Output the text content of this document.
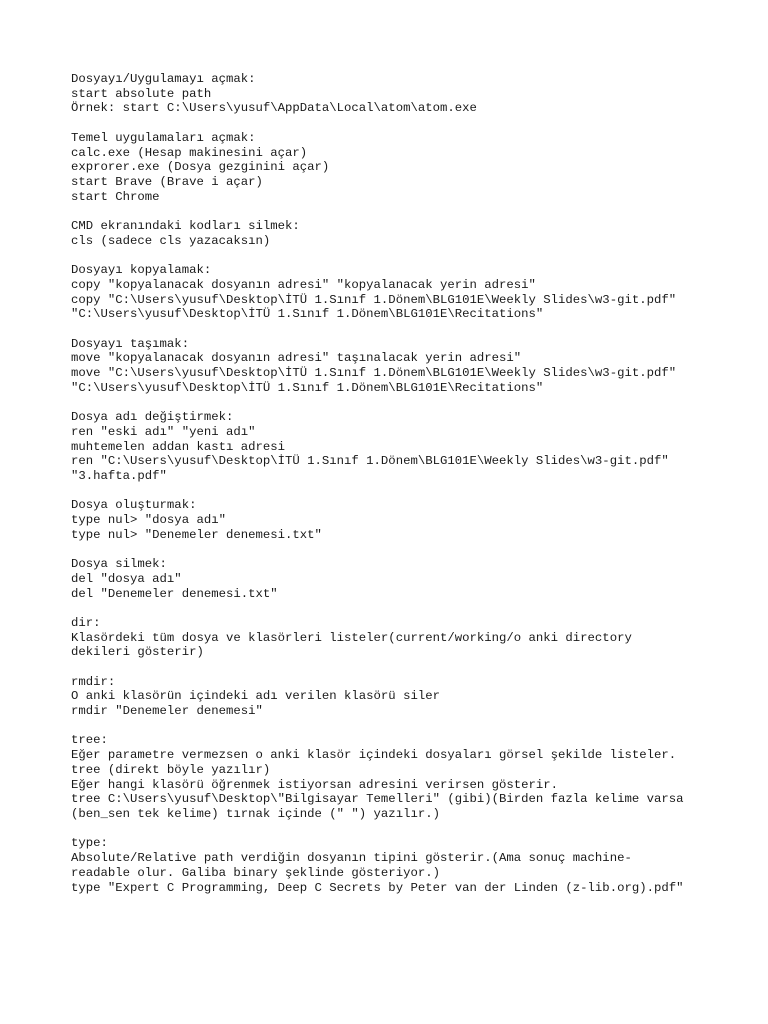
Dosyayı/Uygulamayı açmak:
start absolute path
Örnek: start C:\Users\yusuf\AppData\Local\atom\atom.exe
Temel uygulamaları açmak:
calc.exe (Hesap makinesini açar)
exprorer.exe (Dosya gezginini açar)
start Brave (Brave i açar)
start Chrome
CMD ekranındaki kodları silmek:
cls (sadece cls yazacaksın)
Dosyayı kopyalamak:
copy "kopyalanacak dosyanın adresi" "kopyalanacak yerin adresi"
copy "C:\Users\yusuf\Desktop\İTÜ 1.Sınıf 1.Dönem\BLG101E\Weekly Slides\w3-git.pdf"
"C:\Users\yusuf\Desktop\İTÜ 1.Sınıf 1.Dönem\BLG101E\Recitations"
Dosyayı taşımak:
move "kopyalanacak dosyanın adresi" taşınalacak yerin adresi"
move "C:\Users\yusuf\Desktop\İTÜ 1.Sınıf 1.Dönem\BLG101E\Weekly Slides\w3-git.pdf"
"C:\Users\yusuf\Desktop\İTÜ 1.Sınıf 1.Dönem\BLG101E\Recitations"
Dosya adı değiştirmek:
ren "eski adı" "yeni adı"
muhtemelen addan kastı adresi
ren "C:\Users\yusuf\Desktop\İTÜ 1.Sınıf 1.Dönem\BLG101E\Weekly Slides\w3-git.pdf"
"3.hafta.pdf"
Dosya oluşturmak:
type nul> "dosya adı"
type nul> "Denemeler denemesi.txt"
Dosya silmek:
del "dosya adı"
del "Denemeler denemesi.txt"
dir:
Klasördeki tüm dosya ve klasörleri listeler(current/working/o anki directory
dekileri gösterir)
rmdir:
O anki klasörün içindeki adı verilen klasörü siler
rmdir "Denemeler denemesi"
tree:
Eğer parametre vermezsen o anki klasör içindeki dosyaları görsel şekilde listeler.
tree (direkt böyle yazılır)
Eğer hangi klasörü öğrenmek istiyorsan adresini verirsen gösterir.
tree C:\Users\yusuf\Desktop\"Bilgisayar Temelleri" (gibi)(Birden fazla kelime varsa
(ben_sen tek kelime) tırnak içinde (" ") yazılır.)
type:
Absolute/Relative path verdiğin dosyanın tipini gösterir.(Ama sonuç machine-
readable olur. Galiba binary şeklinde gösteriyor.)
type "Expert C Programming, Deep C Secrets by Peter van der Linden (z-lib.org).pdf"
